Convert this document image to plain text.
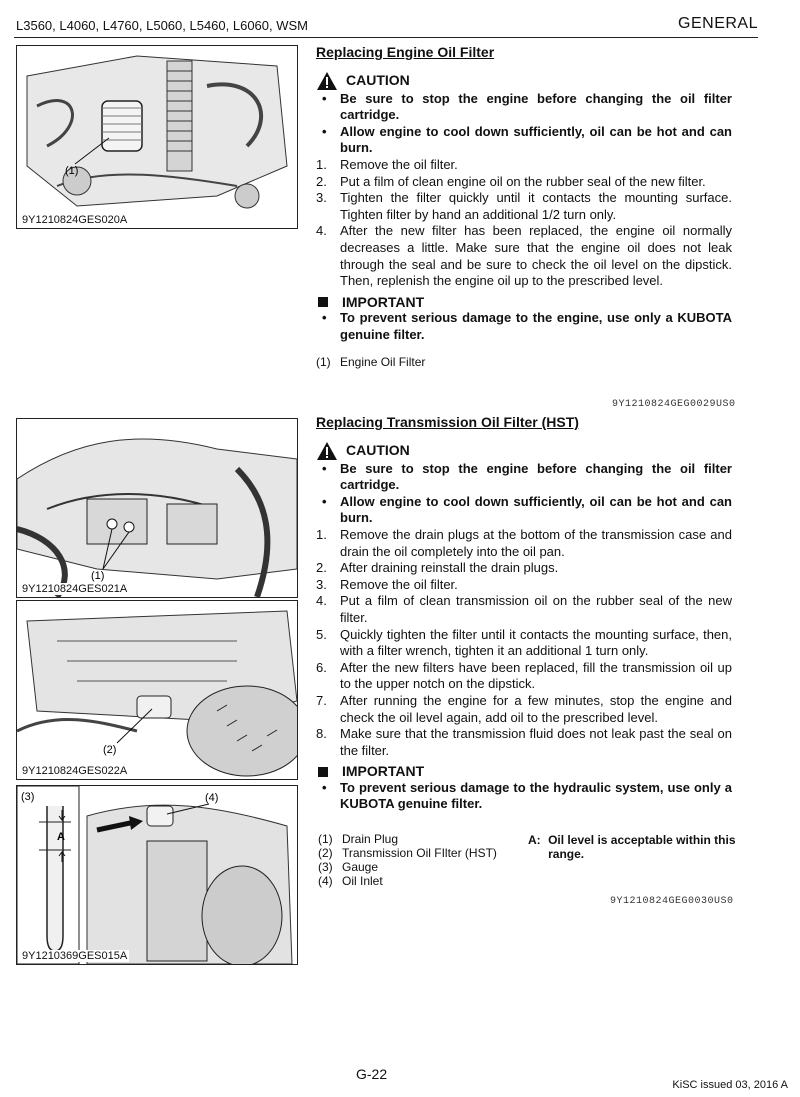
L3560, L4060, L4760, L5060, L5460, L6060, WSM	GENERAL
(1)
9Y1210824GES020A
(1)
9Y1210824GES021A
(2)
9Y1210824GES022A
A
(3)	(4)
9Y1210369GES015A
Replacing Engine Oil Filter
CAUTION
• Be sure to stop the engine before changing the oil filter cartridge.
• Allow engine to cool down sufficiently, oil can be hot and can burn.
1. Remove the oil filter.
2. Put a film of clean engine oil on the rubber seal of the new filter.
3. Tighten the filter quickly until it contacts the mounting surface. Tighten filter by hand an additional 1/2 turn only.
4. After the new filter has been replaced, the engine oil normally decreases a little. Make sure that the engine oil does not leak through the seal and be sure to check the oil level on the dipstick. Then, replenish the engine oil up to the prescribed level.
IMPORTANT
• To prevent serious damage to the engine, use only a KUBOTA genuine filter.
(1) Engine Oil Filter
9Y1210824GEG0029US0
Replacing Transmission Oil Filter (HST)
CAUTION
• Be sure to stop the engine before changing the oil filter cartridge.
• Allow engine to cool down sufficiently, oil can be hot and can burn.
1. Remove the drain plugs at the bottom of the transmission case and drain the oil completely into the oil pan.
2. After draining reinstall the drain plugs.
3. Remove the oil filter.
4. Put a film of clean transmission oil on the rubber seal of the new filter.
5. Quickly tighten the filter until it contacts the mounting surface, then, with a filter wrench, tighten it an additional 1 turn only.
6. After the new filters have been replaced, fill the transmission oil up to the upper notch on the dipstick.
7. After running the engine for a few minutes, stop the engine and check the oil level again, add oil to the prescribed level.
8. Make sure that the transmission fluid does not leak past the seal on the filter.
IMPORTANT
• To prevent serious damage to the hydraulic system, use only a KUBOTA genuine filter.
(1) Drain Plug
(2) Transmission Oil FIlter (HST)
(3) Gauge
(4) Oil Inlet
A: Oil level is acceptable within this range.
9Y1210824GEG0030US0
G-22
KiSC issued 03, 2016 A
